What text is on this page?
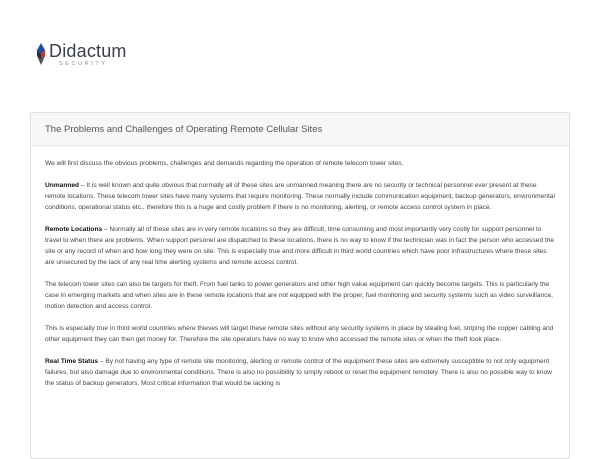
Didactum
SECURITY
The Problems and Challenges of Operating Remote Cellular Sites

We will first discuss the obvious problems, challenges and demands regarding the operation of remote telecom tower sites.

Unmanned – It is well known and quite obvious that normally all of these sites are unmanned meaning there are no security or technical personnel ever present at these remote locations. These telecom tower sites have many systems that require monitoring. These normally include communication equipment, backup generators, environmental conditions, operational status etc., therefore this is a huge and costly problem if there is no monitoring, alerting, or remote access control system in place.

Remote Locations – Normally all of these sites are in very remote locations so they are difficult, time consuming and most importantly very costly for support personnel to travel to when there are problems. When support personel are dispatched to these locations, there is no way to know if the technician was in fact the person who accessed the site or any record of when and how long they were on site. This is especially true and more difficult in third world countries which have poor infrastructures where these sites are unsecured by the lack of any real time alerting systems and remote access control.

The telecom tower sites can also be targets for theft. From fuel tanks to power generators and other high value equipment can quickly become targets. This is particularly the case in emerging markets and when sites are in these remote locations that are not equipped with the proper, fuel monitoring and security systems such as video surveillance, motion detection and access control.

This is especially true in third world countries where thieves will target these remote sites without any security systems in place by stealing fuel, striping the copper cabling and other equipment they can then get money for. Therefore the site operators have no way to know who accessed the remote sites or when the theft took place.

Real Time Status – By not having any type of remote site monitoring, alerting or remote control of the equipment these sites are extremely susceptible to not only equipment failures, but also damage due to environmental conditions. There is also no possibility to simply reboot or reset the equipment remotely. There is also no possible way to know the status of backup generators. Most critical information that would be lacking is
